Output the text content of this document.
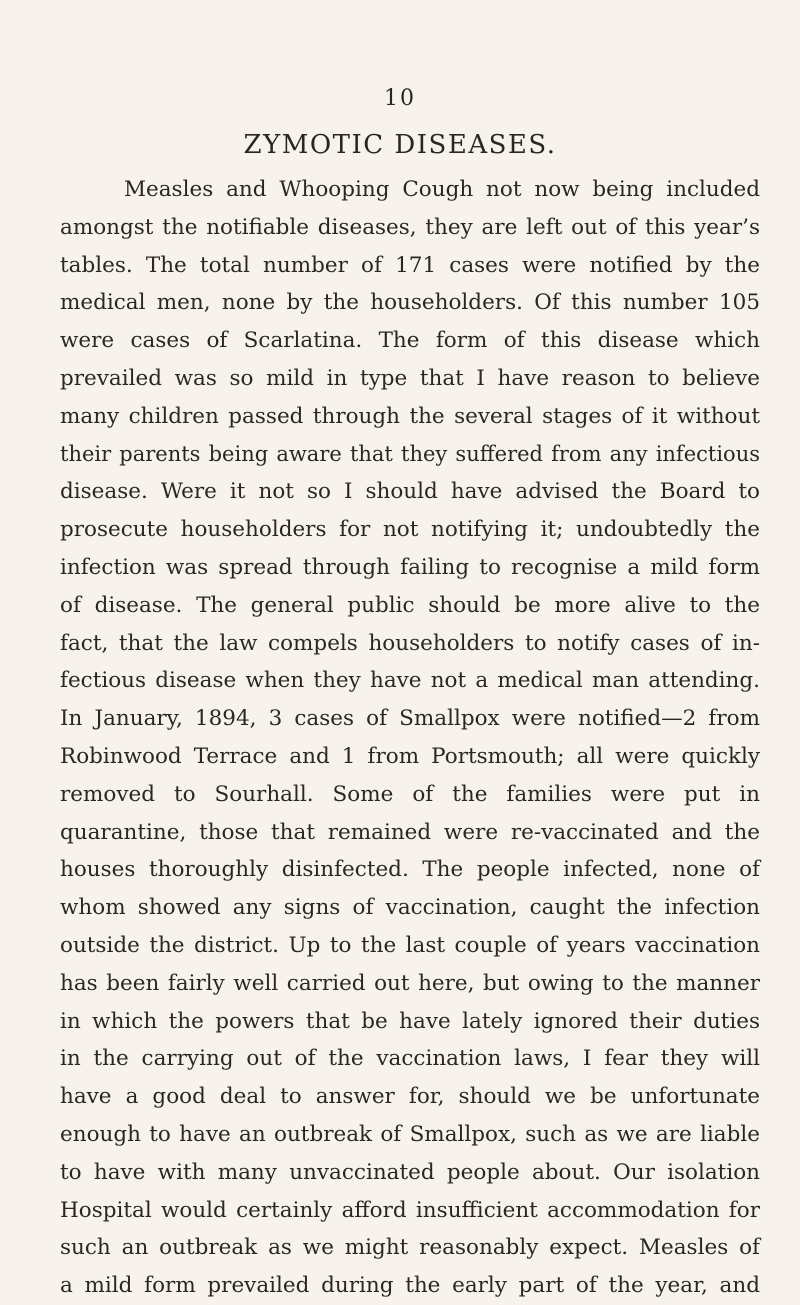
10
ZYMOTIC DISEASES.
Measles and Whooping Cough not now being included
amongst the notifiable diseases, they are left out of this year’s
tables. The total number of 171 cases were notified by the
medical men, none by the householders. Of this number 105
were cases of Scarlatina. The form of this disease which
prevailed was so mild in type that I have reason to believe
many children passed through the several stages of it without
their parents being aware that they suffered from any infectious
disease. Were it not so I should have advised the Board to
prosecute householders for not notifying it; undoubtedly the
infection was spread through failing to recognise a mild form
of disease. The general public should be more alive to the
fact, that the law compels householders to notify cases of in-
fectious disease when they have not a medical man attending.
In January, 1894, 3 cases of Smallpox were notified—2 from
Robinwood Terrace and 1 from Portsmouth; all were quickly
removed to Sourhall. Some of the families were put in
quarantine, those that remained were re-vaccinated and the
houses thoroughly disinfected. The people infected, none of
whom showed any signs of vaccination, caught the infection
outside the district. Up to the last couple of years vaccination
has been fairly well carried out here, but owing to the manner
in which the powers that be have lately ignored their duties
in the carrying out of the vaccination laws, I fear they will
have a good deal to answer for, should we be unfortunate
enough to have an outbreak of Smallpox, such as we are liable
to have with many unvaccinated people about. Our isolation
Hospital would certainly afford insufficient accommodation for
such an outbreak as we might reasonably expect. Measles of
a mild form prevailed during the early part of the year, and
